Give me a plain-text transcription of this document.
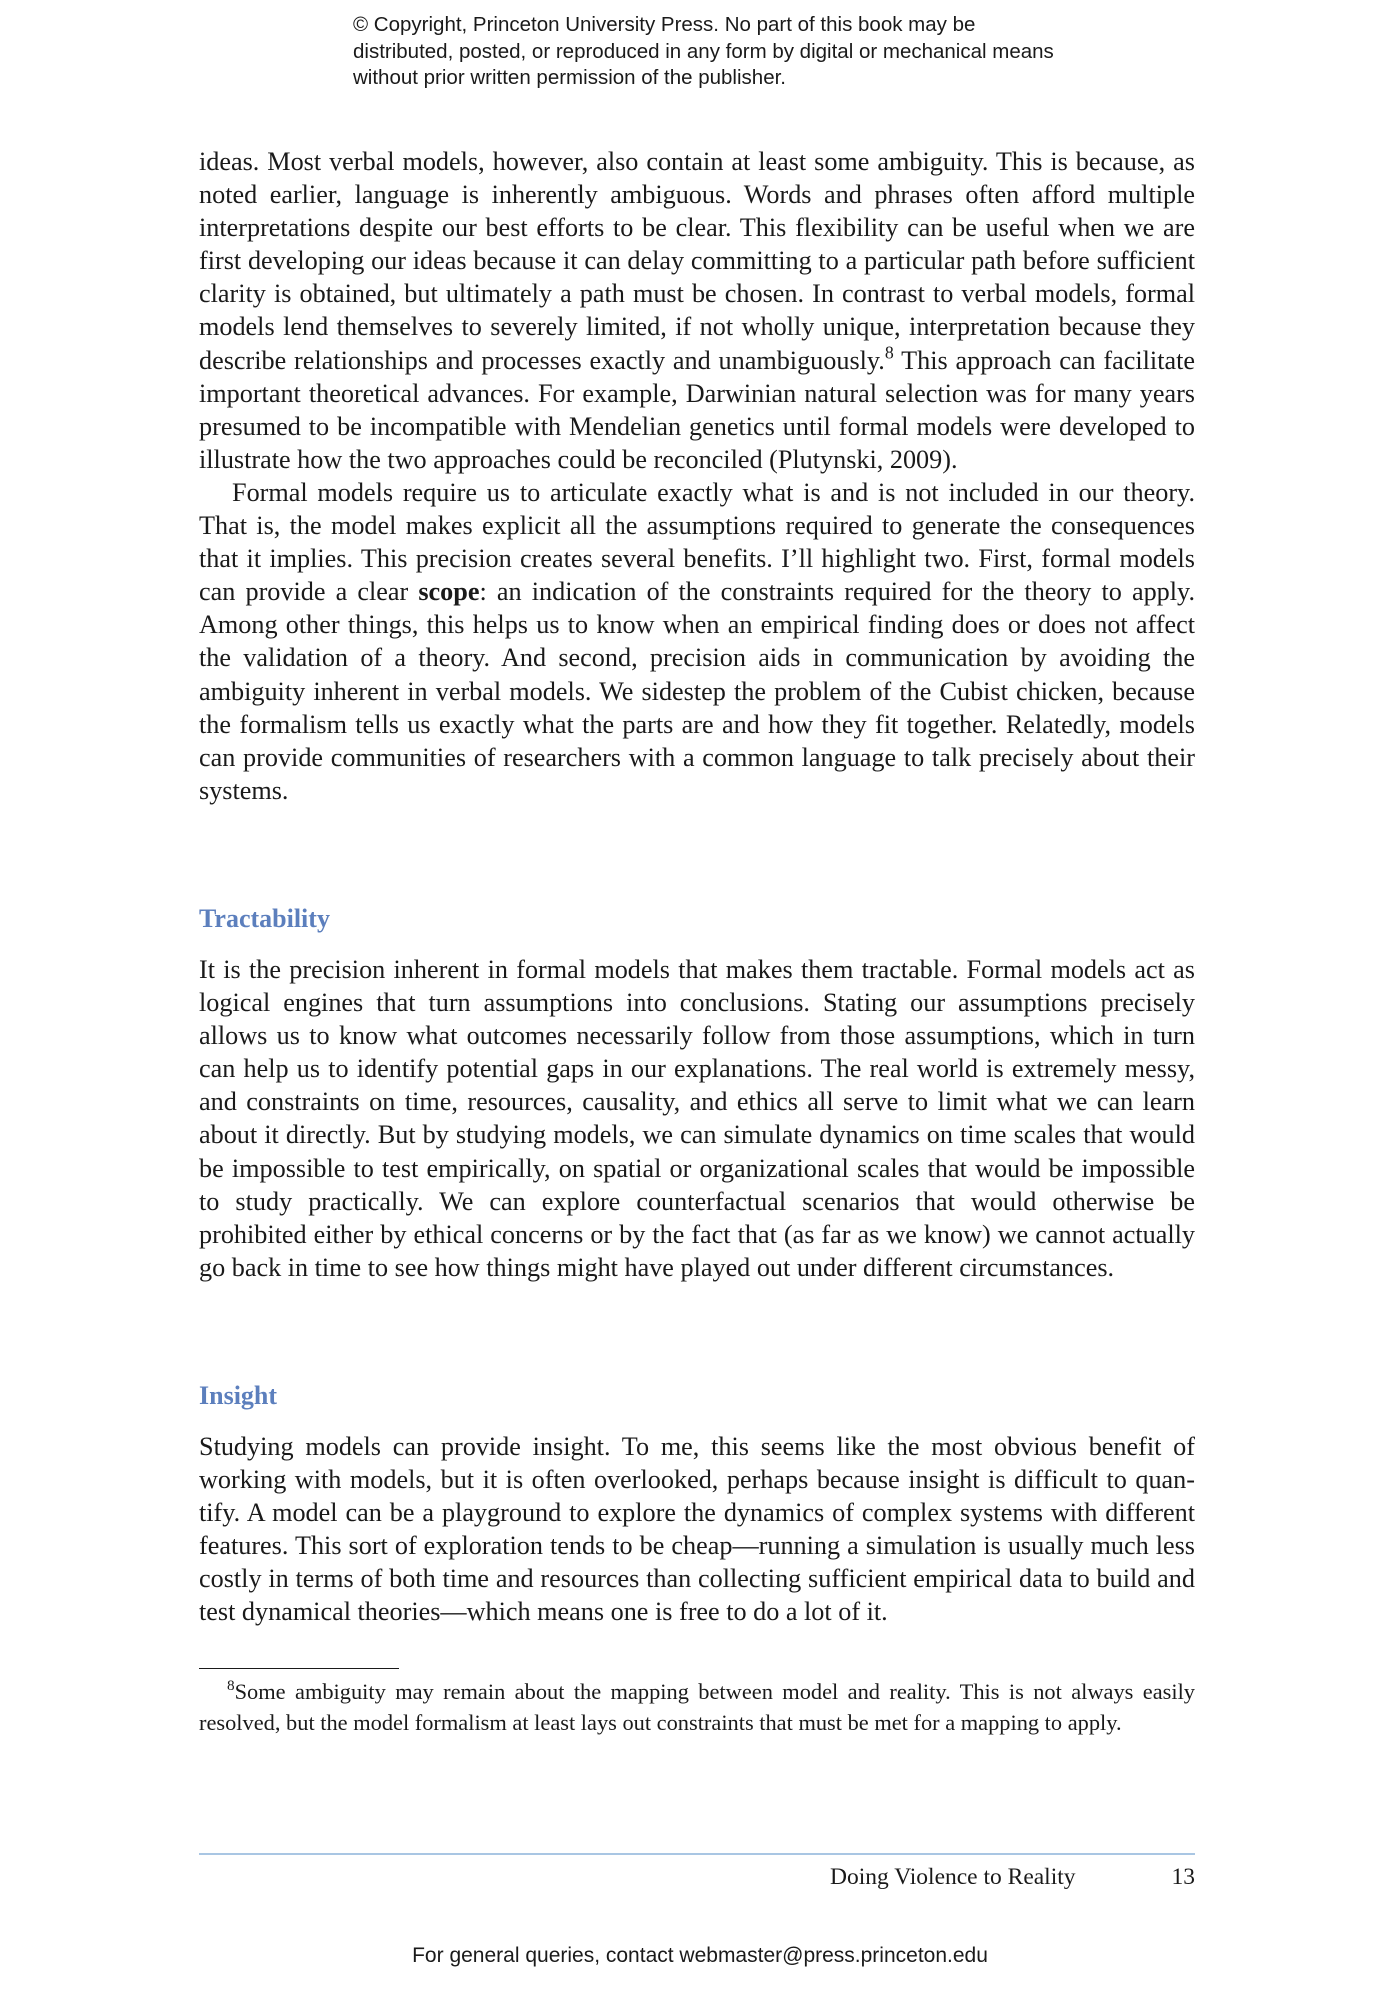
© Copyright, Princeton University Press. No part of this book may be distributed, posted, or reproduced in any form by digital or mechanical means without prior written permission of the publisher.

ideas. Most verbal models, however, also contain at least some ambiguity. This is because, as noted earlier, language is inherently ambiguous. Words and phrases often afford multiple interpretations despite our best efforts to be clear. This flexibility can be useful when we are first developing our ideas because it can delay committing to a particular path before sufficient clarity is obtained, but ultimately a path must be chosen. In contrast to verbal models, formal models lend themselves to severely limited, if not wholly unique, interpretation because they describe relationships and processes exactly and unambiguously.$^8$ This approach can facilitate important theoretical advances. For example, Darwinian natural selection was for many years presumed to be incompatible with Mendelian genetics until formal models were developed to illustrate how the two approaches could be reconciled (Plutynski, 2009).

Formal models require us to articulate exactly what is and is not included in our theory. That is, the model makes explicit all the assumptions required to generate the consequences that it implies. This precision creates several benefits. I’ll highlight two. First, formal models can provide a clear scope: an indication of the constraints required for the theory to apply. Among other things, this helps us to know when an empirical finding does or does not affect the validation of a theory. And second, precision aids in communication by avoiding the ambiguity inherent in verbal models. We sidestep the problem of the Cubist chicken, because the formalism tells us exactly what the parts are and how they fit together. Relatedly, models can provide communities of researchers with a common language to talk precisely about their systems.

Tractability

It is the precision inherent in formal models that makes them tractable. Formal models act as logical engines that turn assumptions into conclusions. Stating our assumptions precisely allows us to know what outcomes necessarily follow from those assumptions, which in turn can help us to identify potential gaps in our explanations. The real world is extremely messy, and constraints on time, resources, causality, and ethics all serve to limit what we can learn about it directly. But by studying models, we can simulate dynamics on time scales that would be impossible to test empirically, on spatial or organizational scales that would be impossible to study practically. We can explore counterfactual scenarios that would otherwise be prohibited either by ethical concerns or by the fact that (as far as we know) we cannot actually go back in time to see how things might have played out under different circumstances.

Insight

Studying models can provide insight. To me, this seems like the most obvious benefit of working with models, but it is often overlooked, perhaps because insight is difficult to quantify. A model can be a playground to explore the dynamics of complex systems with different features. This sort of exploration tends to be cheap—running a simulation is usually much less costly in terms of both time and resources than collecting sufficient empirical data to build and test dynamical theories—which means one is free to do a lot of it.

$^8$Some ambiguity may remain about the mapping between model and reality. This is not always easily resolved, but the model formalism at least lays out constraints that must be met for a mapping to apply.

Doing Violence to Reality	13

For general queries, contact webmaster@press.princeton.edu
